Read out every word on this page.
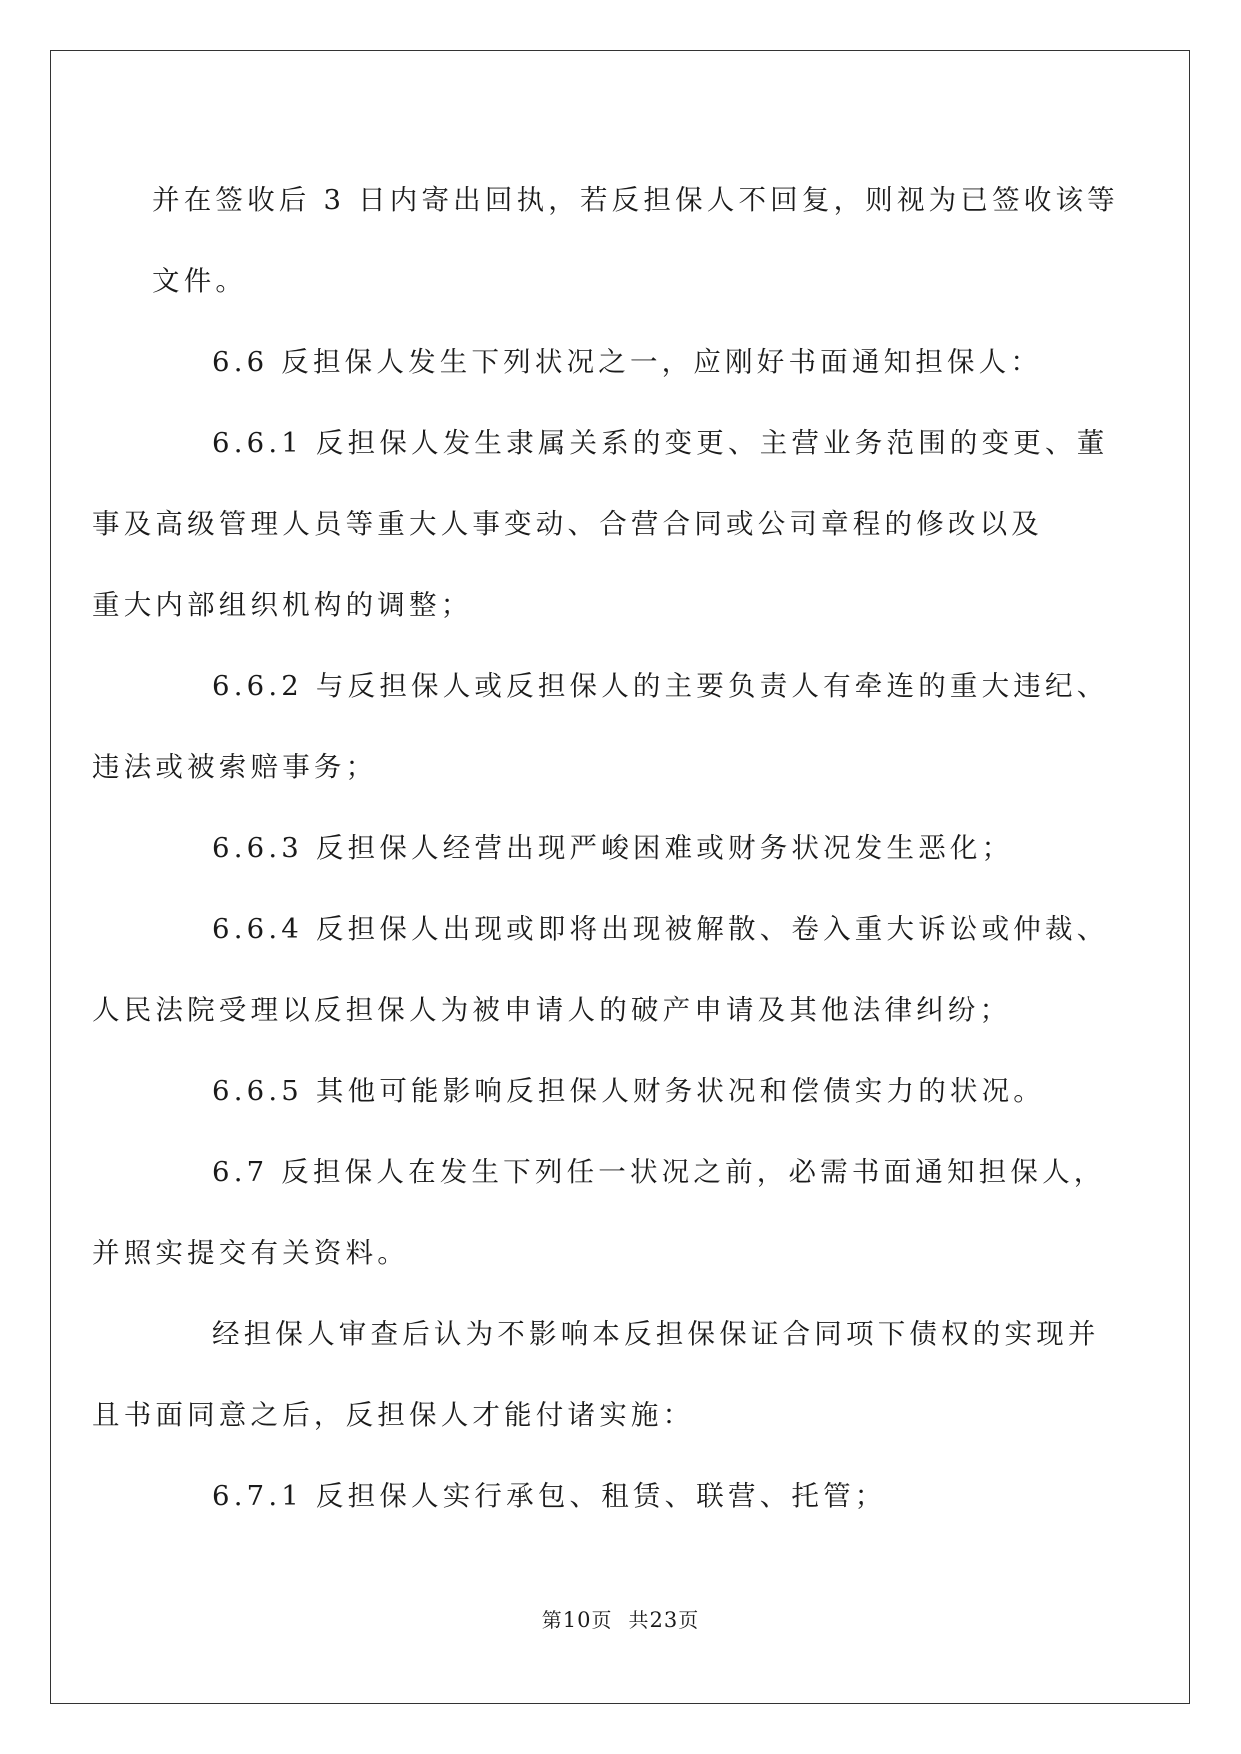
并在签收后 3 日内寄出回执，若反担保人不回复，则视为已签收该等
文件。

6.6 反担保人发生下列状况之一，应刚好书面通知担保人：

6.6.1 反担保人发生隶属关系的变更、主营业务范围的变更、董
事及高级管理人员等重大人事变动、合营合同或公司章程的修改以及
重大内部组织机构的调整；

6.6.2 与反担保人或反担保人的主要负责人有牵连的重大违纪、
违法或被索赔事务；

6.6.3 反担保人经营出现严峻困难或财务状况发生恶化；

6.6.4 反担保人出现或即将出现被解散、卷入重大诉讼或仲裁、
人民法院受理以反担保人为被申请人的破产申请及其他法律纠纷；

6.6.5 其他可能影响反担保人财务状况和偿债实力的状况。

6.7 反担保人在发生下列任一状况之前，必需书面通知担保人，
并照实提交有关资料。

经担保人审查后认为不影响本反担保保证合同项下债权的实现并
且书面同意之后，反担保人才能付诸实施：

6.7.1 反担保人实行承包、租赁、联营、托管；

第10页 共23页
